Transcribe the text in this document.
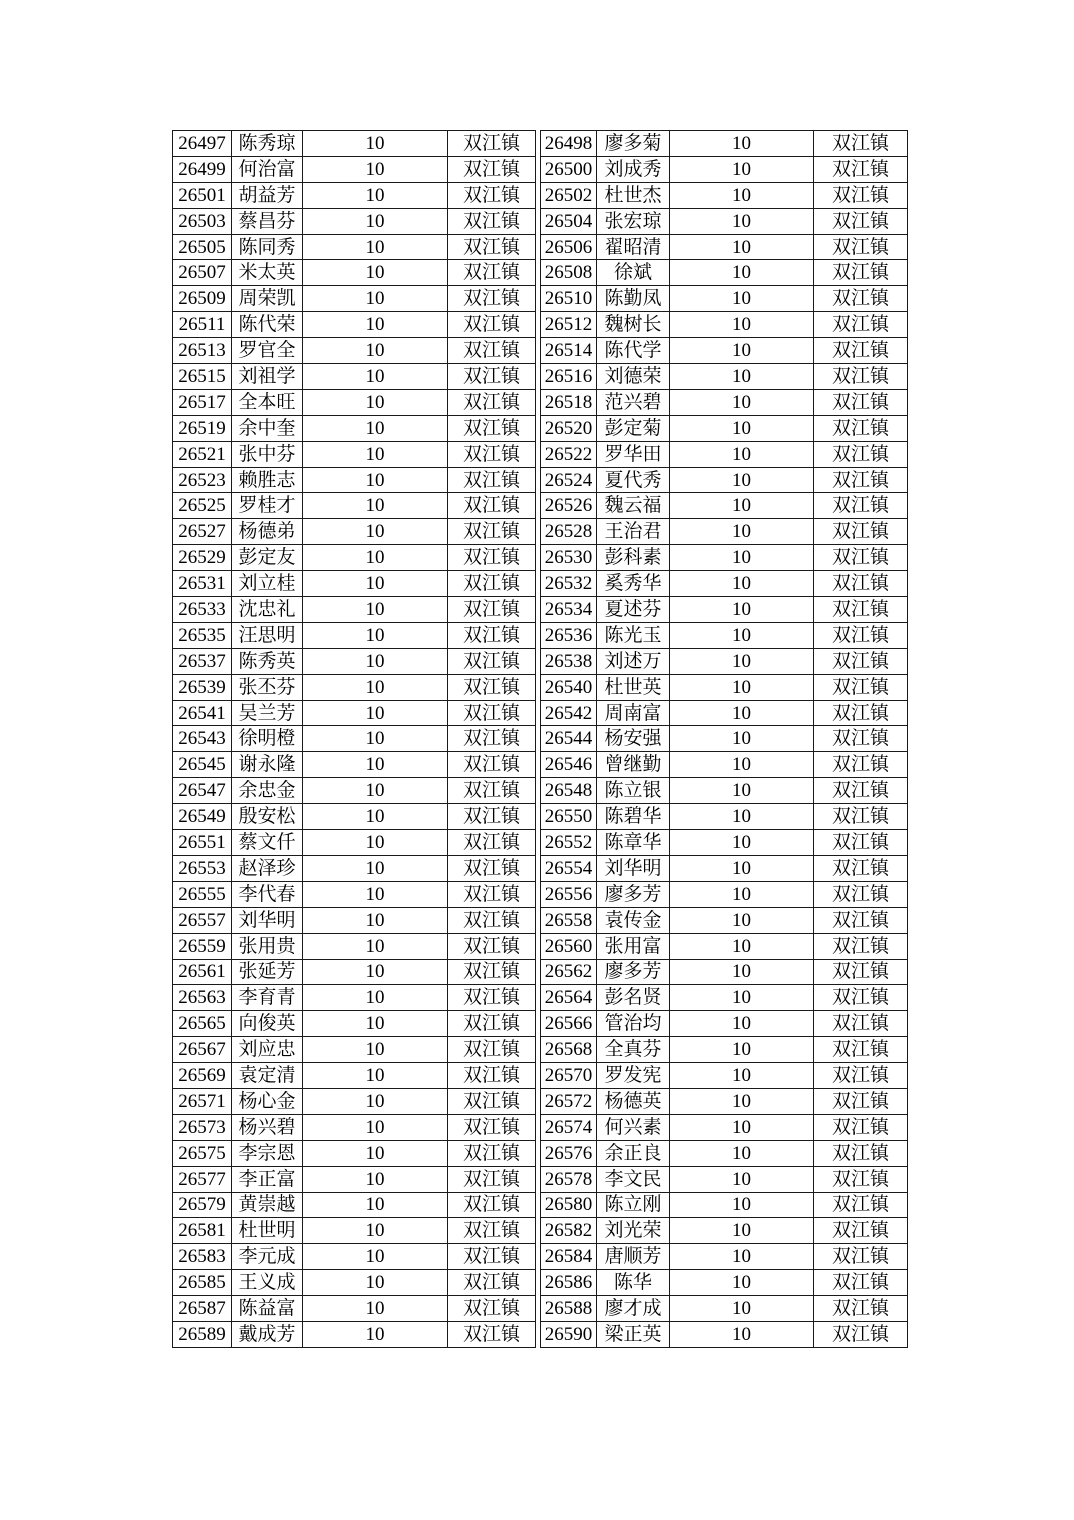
26497	陈秀琼	10	双江镇
26499	何治富	10	双江镇
26501	胡益芳	10	双江镇
26503	蔡昌芬	10	双江镇
26505	陈同秀	10	双江镇
26507	米太英	10	双江镇
26509	周荣凯	10	双江镇
26511	陈代荣	10	双江镇
26513	罗官全	10	双江镇
26515	刘祖学	10	双江镇
26517	全本旺	10	双江镇
26519	余中奎	10	双江镇
26521	张中芬	10	双江镇
26523	赖胜志	10	双江镇
26525	罗桂才	10	双江镇
26527	杨德弟	10	双江镇
26529	彭定友	10	双江镇
26531	刘立桂	10	双江镇
26533	沈忠礼	10	双江镇
26535	汪思明	10	双江镇
26537	陈秀英	10	双江镇
26539	张丕芬	10	双江镇
26541	吴兰芳	10	双江镇
26543	徐明橙	10	双江镇
26545	谢永隆	10	双江镇
26547	余忠金	10	双江镇
26549	殷安松	10	双江镇
26551	蔡文仟	10	双江镇
26553	赵泽珍	10	双江镇
26555	李代春	10	双江镇
26557	刘华明	10	双江镇
26559	张用贵	10	双江镇
26561	张延芳	10	双江镇
26563	李育青	10	双江镇
26565	向俊英	10	双江镇
26567	刘应忠	10	双江镇
26569	袁定清	10	双江镇
26571	杨心金	10	双江镇
26573	杨兴碧	10	双江镇
26575	李宗恩	10	双江镇
26577	李正富	10	双江镇
26579	黄崇越	10	双江镇
26581	杜世明	10	双江镇
26583	李元成	10	双江镇
26585	王义成	10	双江镇
26587	陈益富	10	双江镇
26589	戴成芳	10	双江镇
26498	廖多菊	10	双江镇
26500	刘成秀	10	双江镇
26502	杜世杰	10	双江镇
26504	张宏琼	10	双江镇
26506	翟昭清	10	双江镇
26508	徐斌	10	双江镇
26510	陈勤凤	10	双江镇
26512	魏树长	10	双江镇
26514	陈代学	10	双江镇
26516	刘德荣	10	双江镇
26518	范兴碧	10	双江镇
26520	彭定菊	10	双江镇
26522	罗华田	10	双江镇
26524	夏代秀	10	双江镇
26526	魏云福	10	双江镇
26528	王治君	10	双江镇
26530	彭科素	10	双江镇
26532	奚秀华	10	双江镇
26534	夏述芬	10	双江镇
26536	陈光玉	10	双江镇
26538	刘述万	10	双江镇
26540	杜世英	10	双江镇
26542	周南富	10	双江镇
26544	杨安强	10	双江镇
26546	曾继勤	10	双江镇
26548	陈立银	10	双江镇
26550	陈碧华	10	双江镇
26552	陈章华	10	双江镇
26554	刘华明	10	双江镇
26556	廖多芳	10	双江镇
26558	袁传金	10	双江镇
26560	张用富	10	双江镇
26562	廖多芳	10	双江镇
26564	彭名贤	10	双江镇
26566	管治均	10	双江镇
26568	全真芬	10	双江镇
26570	罗发宪	10	双江镇
26572	杨德英	10	双江镇
26574	何兴素	10	双江镇
26576	余正良	10	双江镇
26578	李文民	10	双江镇
26580	陈立刚	10	双江镇
26582	刘光荣	10	双江镇
26584	唐顺芳	10	双江镇
26586	陈华	10	双江镇
26588	廖才成	10	双江镇
26590	梁正英	10	双江镇
